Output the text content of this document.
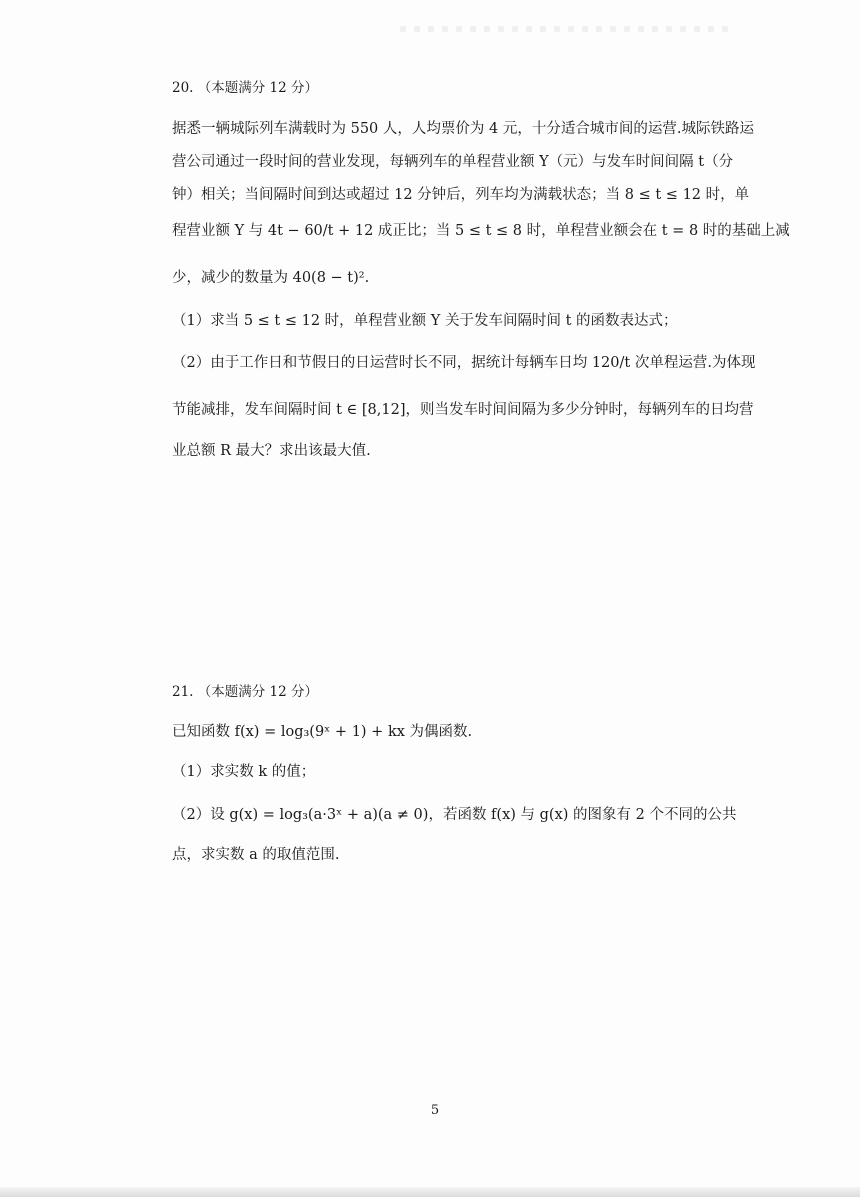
20. （本题满分 12 分）
据悉一辆城际列车满载时为 550 人，人均票价为 4 元，十分适合城市间的运营.城际铁路运
营公司通过一段时间的营业发现，每辆列车的单程营业额 Y（元）与发车时间间隔 t（分
钟）相关；当间隔时间到达或超过 12 分钟后，列车均为满载状态；当 8 ≤ t ≤ 12 时，单
程营业额 Y 与 4t − 60/t + 12 成正比；当 5 ≤ t ≤ 8 时，单程营业额会在 t = 8 时的基础上减
少，减少的数量为 40(8 − t)².
（1）求当 5 ≤ t ≤ 12 时，单程营业额 Y 关于发车间隔时间 t 的函数表达式；
（2）由于工作日和节假日的日运营时长不同，据统计每辆车日均 120/t 次单程运营.为体现
节能减排，发车间隔时间 t ∈ [8,12]，则当发车时间间隔为多少分钟时，每辆列车的日均营
业总额 R 最大？求出该最大值.
21. （本题满分 12 分）
已知函数 f(x) = log₃(9ˣ + 1) + kx 为偶函数.
（1）求实数 k 的值；
（2）设 g(x) = log₃(a·3ˣ + a)(a ≠ 0)，若函数 f(x) 与 g(x) 的图象有 2 个不同的公共
点，求实数 a 的取值范围.
5
